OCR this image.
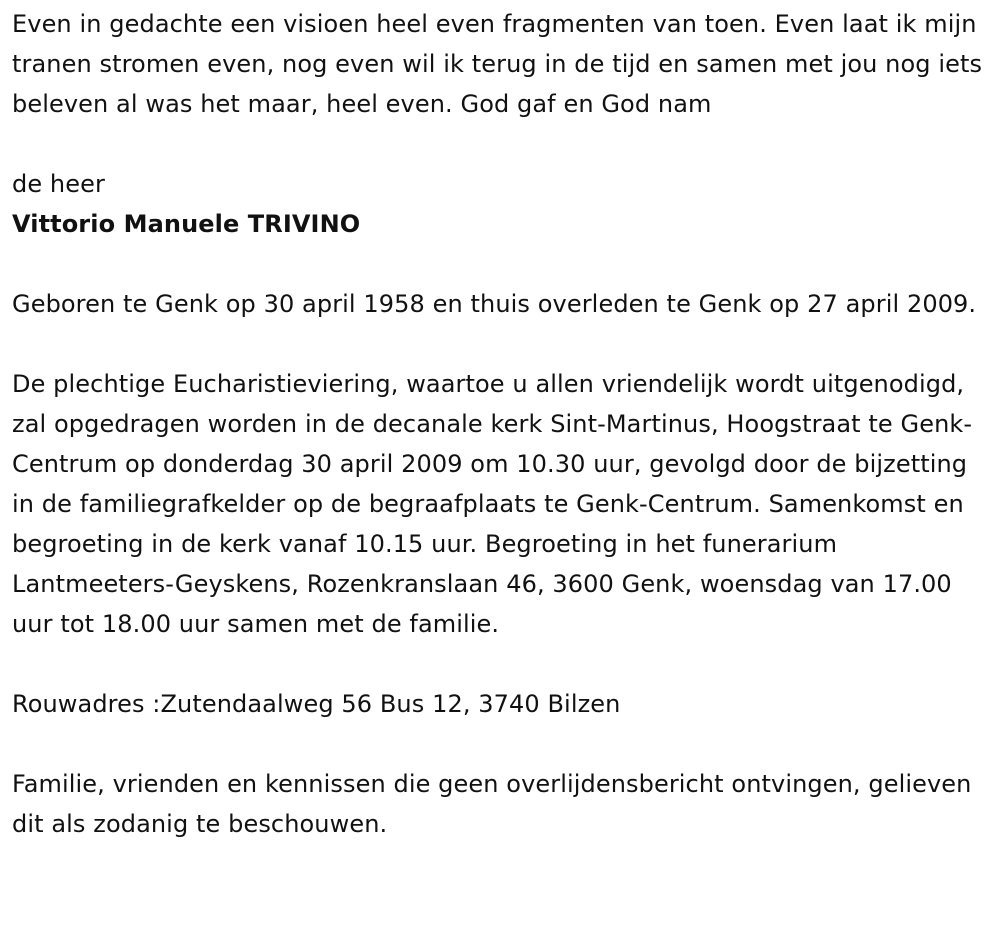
Even in gedachte een visioen heel even fragmenten van toen. Even laat ik mijn tranen stromen even, nog even wil ik terug in de tijd en samen met jou nog iets beleven al was het maar, heel even. God gaf en God nam

de heer

Vittorio Manuele TRIVINO

Geboren te Genk op 30 april 1958 en thuis overleden te Genk op 27 april 2009.

De plechtige Eucharistieviering, waartoe u allen vriendelijk wordt uitgenodigd, zal opgedragen worden in de decanale kerk Sint-Martinus, Hoogstraat te Genk-Centrum op donderdag 30 april 2009 om 10.30 uur, gevolgd door de bijzetting in de familiegrafkelder op de begraafplaats te Genk-Centrum. Samenkomst en begroeting in de kerk vanaf 10.15 uur. Begroeting in het funerarium Lantmeeters-Geyskens, Rozenkranslaan 46, 3600 Genk, woensdag van 17.00 uur tot 18.00 uur samen met de familie.

Rouwadres :Zutendaalweg 56 Bus 12, 3740 Bilzen

Familie, vrienden en kennissen die geen overlijdensbericht ontvingen, gelieven dit als zodanig te beschouwen.
